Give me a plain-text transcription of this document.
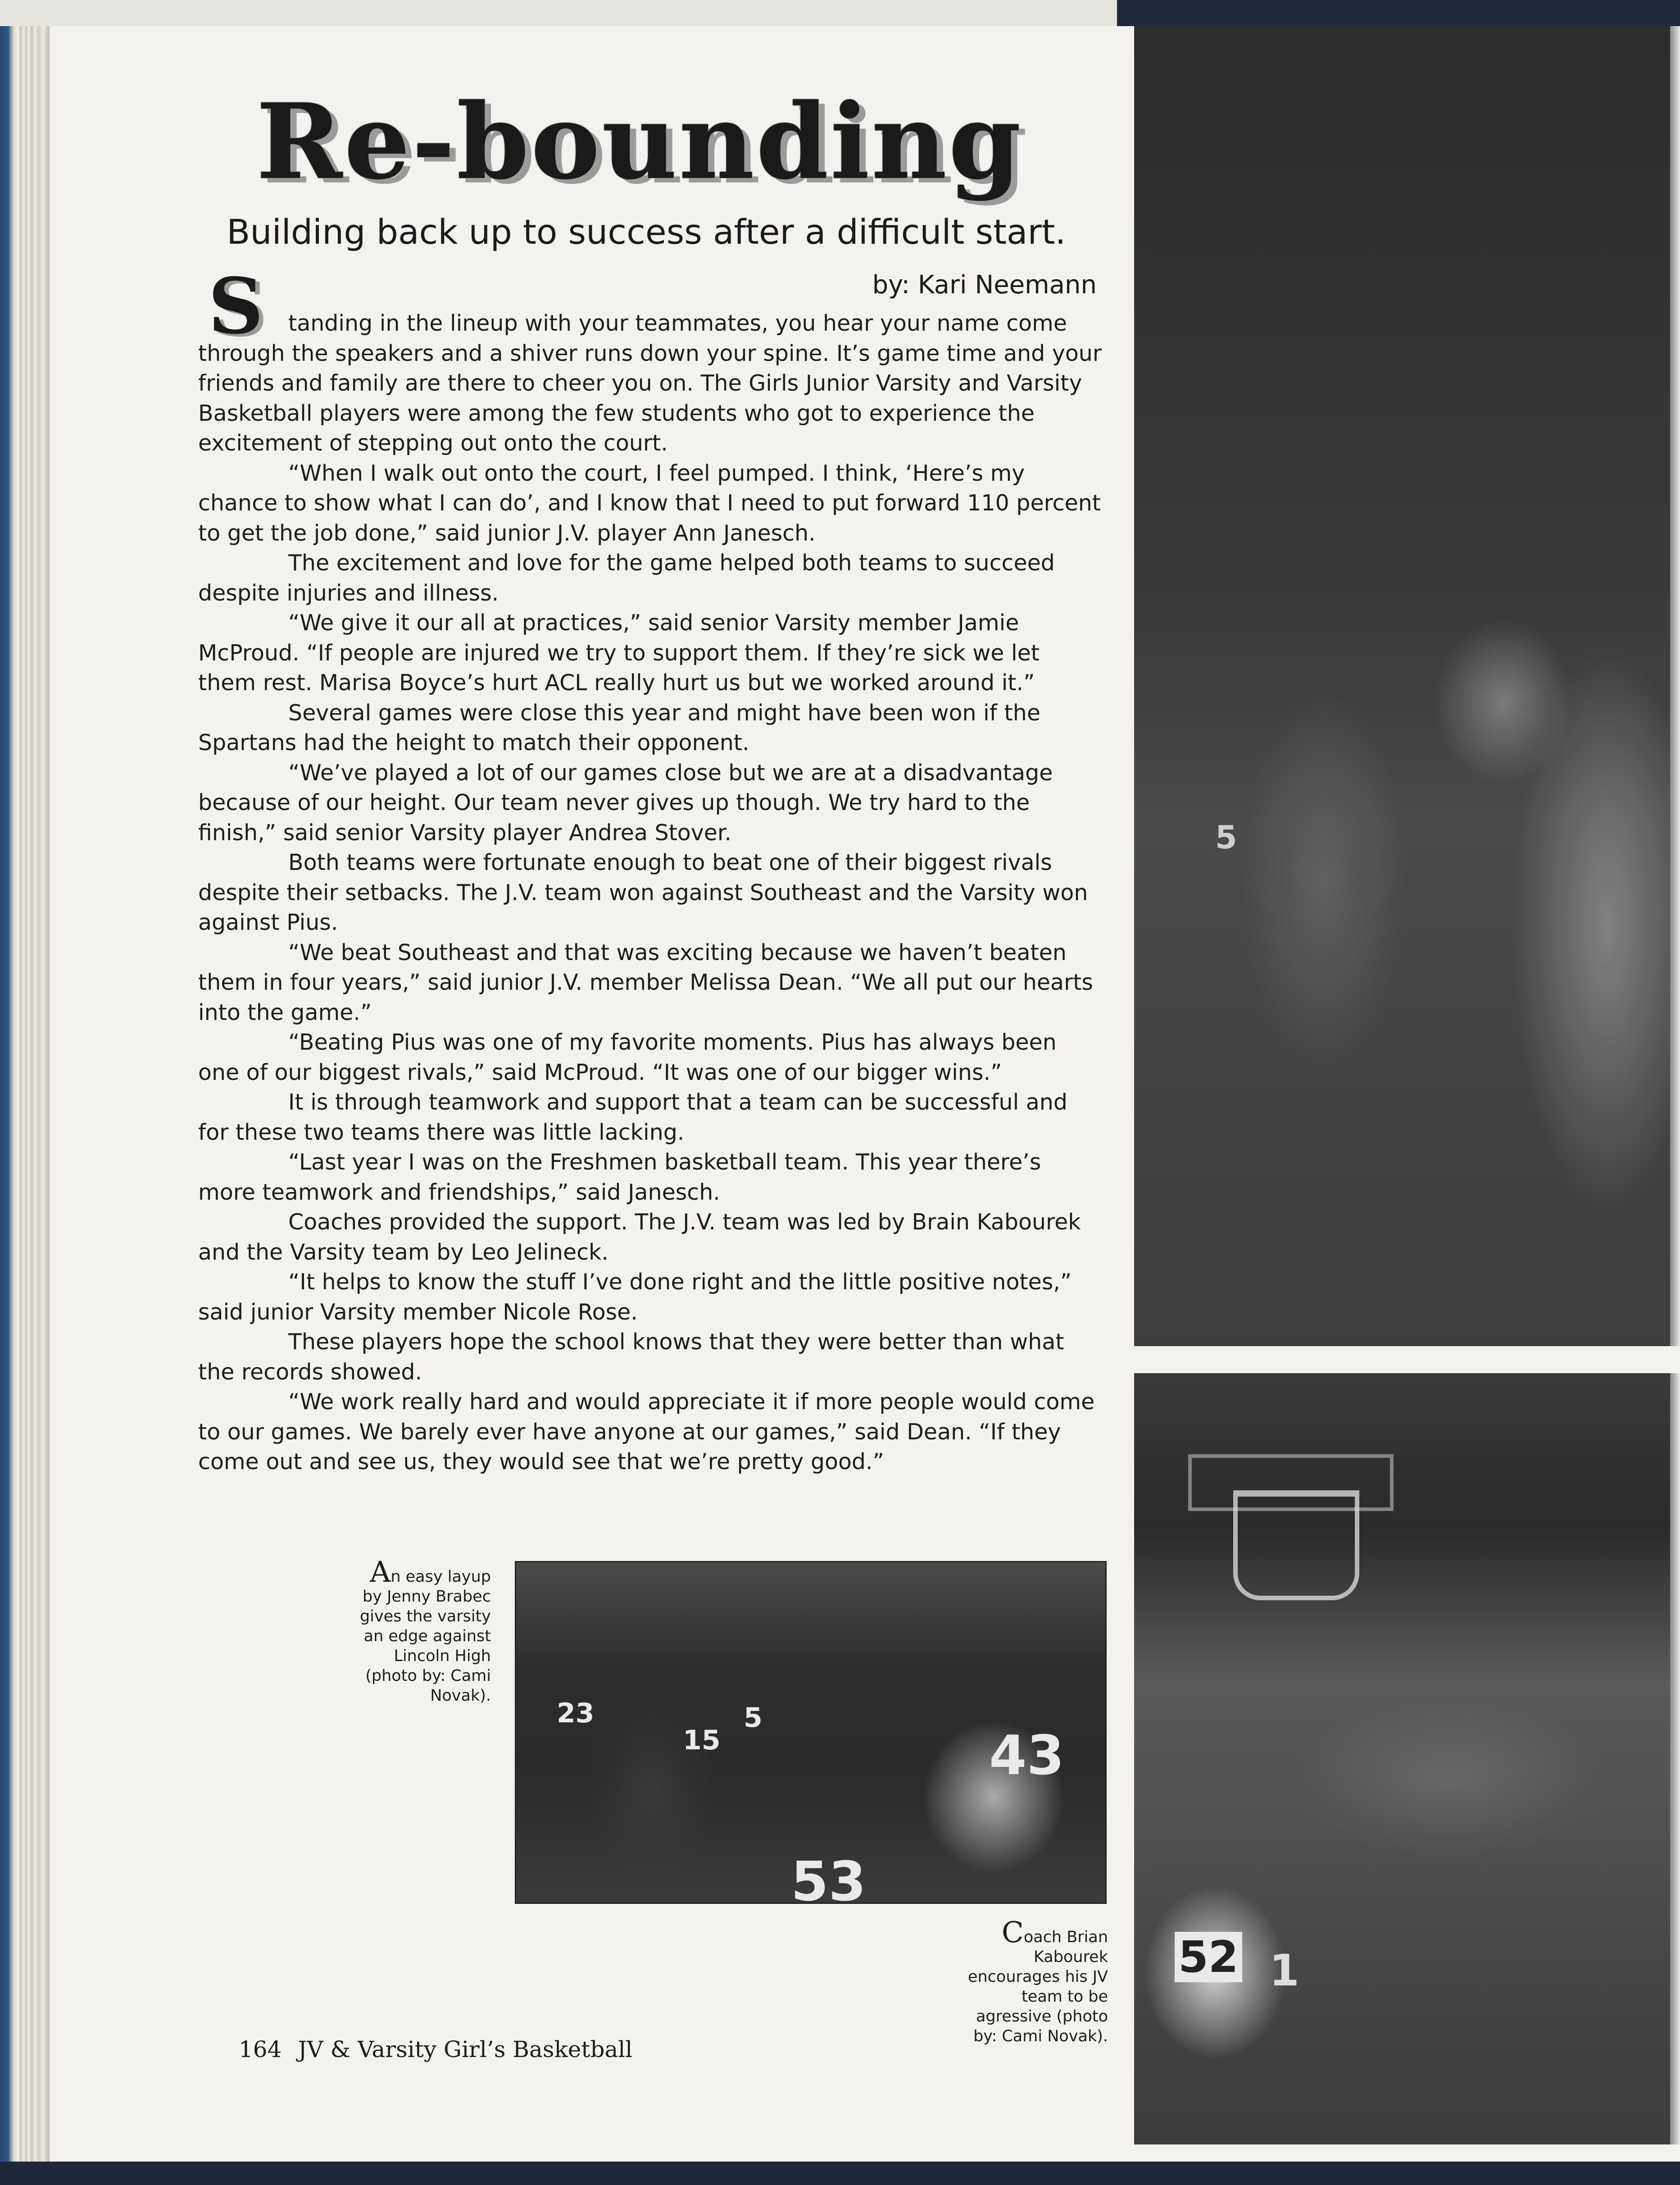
5
52 1
23
15
5
43
53
Re-bounding
Building back up to success after a difficult start.
by: Kari Neemann
S	tanding in the lineup with your teammates, you hear your name come through the speakers and a shiver runs down your spine. It’s game time and your friends and family are there to cheer you on. The Girls Junior Varsity and Varsity Basketball players were among the few students who got to experience the excitement of stepping out onto the court.

“When I walk out onto the court, I feel pumped. I think, ‘Here’s my chance to show what I can do’, and I know that I need to put forward 110 percent to get the job done,” said junior J.V. player Ann Janesch.

The excitement and love for the game helped both teams to succeed despite injuries and illness.

“We give it our all at practices,” said senior Varsity member Jamie McProud. “If people are injured we try to support them. If they’re sick we let them rest. Marisa Boyce’s hurt ACL really hurt us but we worked around it.”

Several games were close this year and might have been won if the Spartans had the height to match their opponent.

“We’ve played a lot of our games close but we are at a disadvantage because of our height. Our team never gives up though. We try hard to the finish,” said senior Varsity player Andrea Stover.

Both teams were fortunate enough to beat one of their biggest rivals despite their setbacks. The J.V. team won against Southeast and the Varsity won against Pius.

“We beat Southeast and that was exciting because we haven’t beaten them in four years,” said junior J.V. member Melissa Dean. “We all put our hearts into the game.”

“Beating Pius was one of my favorite moments. Pius has always been one of our biggest rivals,” said McProud. “It was one of our bigger wins.”

It is through teamwork and support that a team can be successful and for these two teams there was little lacking.

“Last year I was on the Freshmen basketball team. This year there’s more teamwork and friendships,” said Janesch.

Coaches provided the support. The J.V. team was led by Brain Kabourek and the Varsity team by Leo Jelineck.

“It helps to know the stuff I’ve done right and the little positive notes,” said junior Varsity member Nicole Rose.

These players hope the school knows that they were better than what the records showed.

“We work really hard and would appreciate it if more people would come to our games. We barely ever have anyone at our games,” said Dean. “If they come out and see us, they would see that we’re pretty good.”

An easy layup by Jenny Brabec gives the varsity an edge against Lincoln High (photo by: Cami Novak).
Coach Brian Kabourek encourages his JV team to be agressive (photo by: Cami Novak).
164 JV & Varsity Girl’s Basketball
